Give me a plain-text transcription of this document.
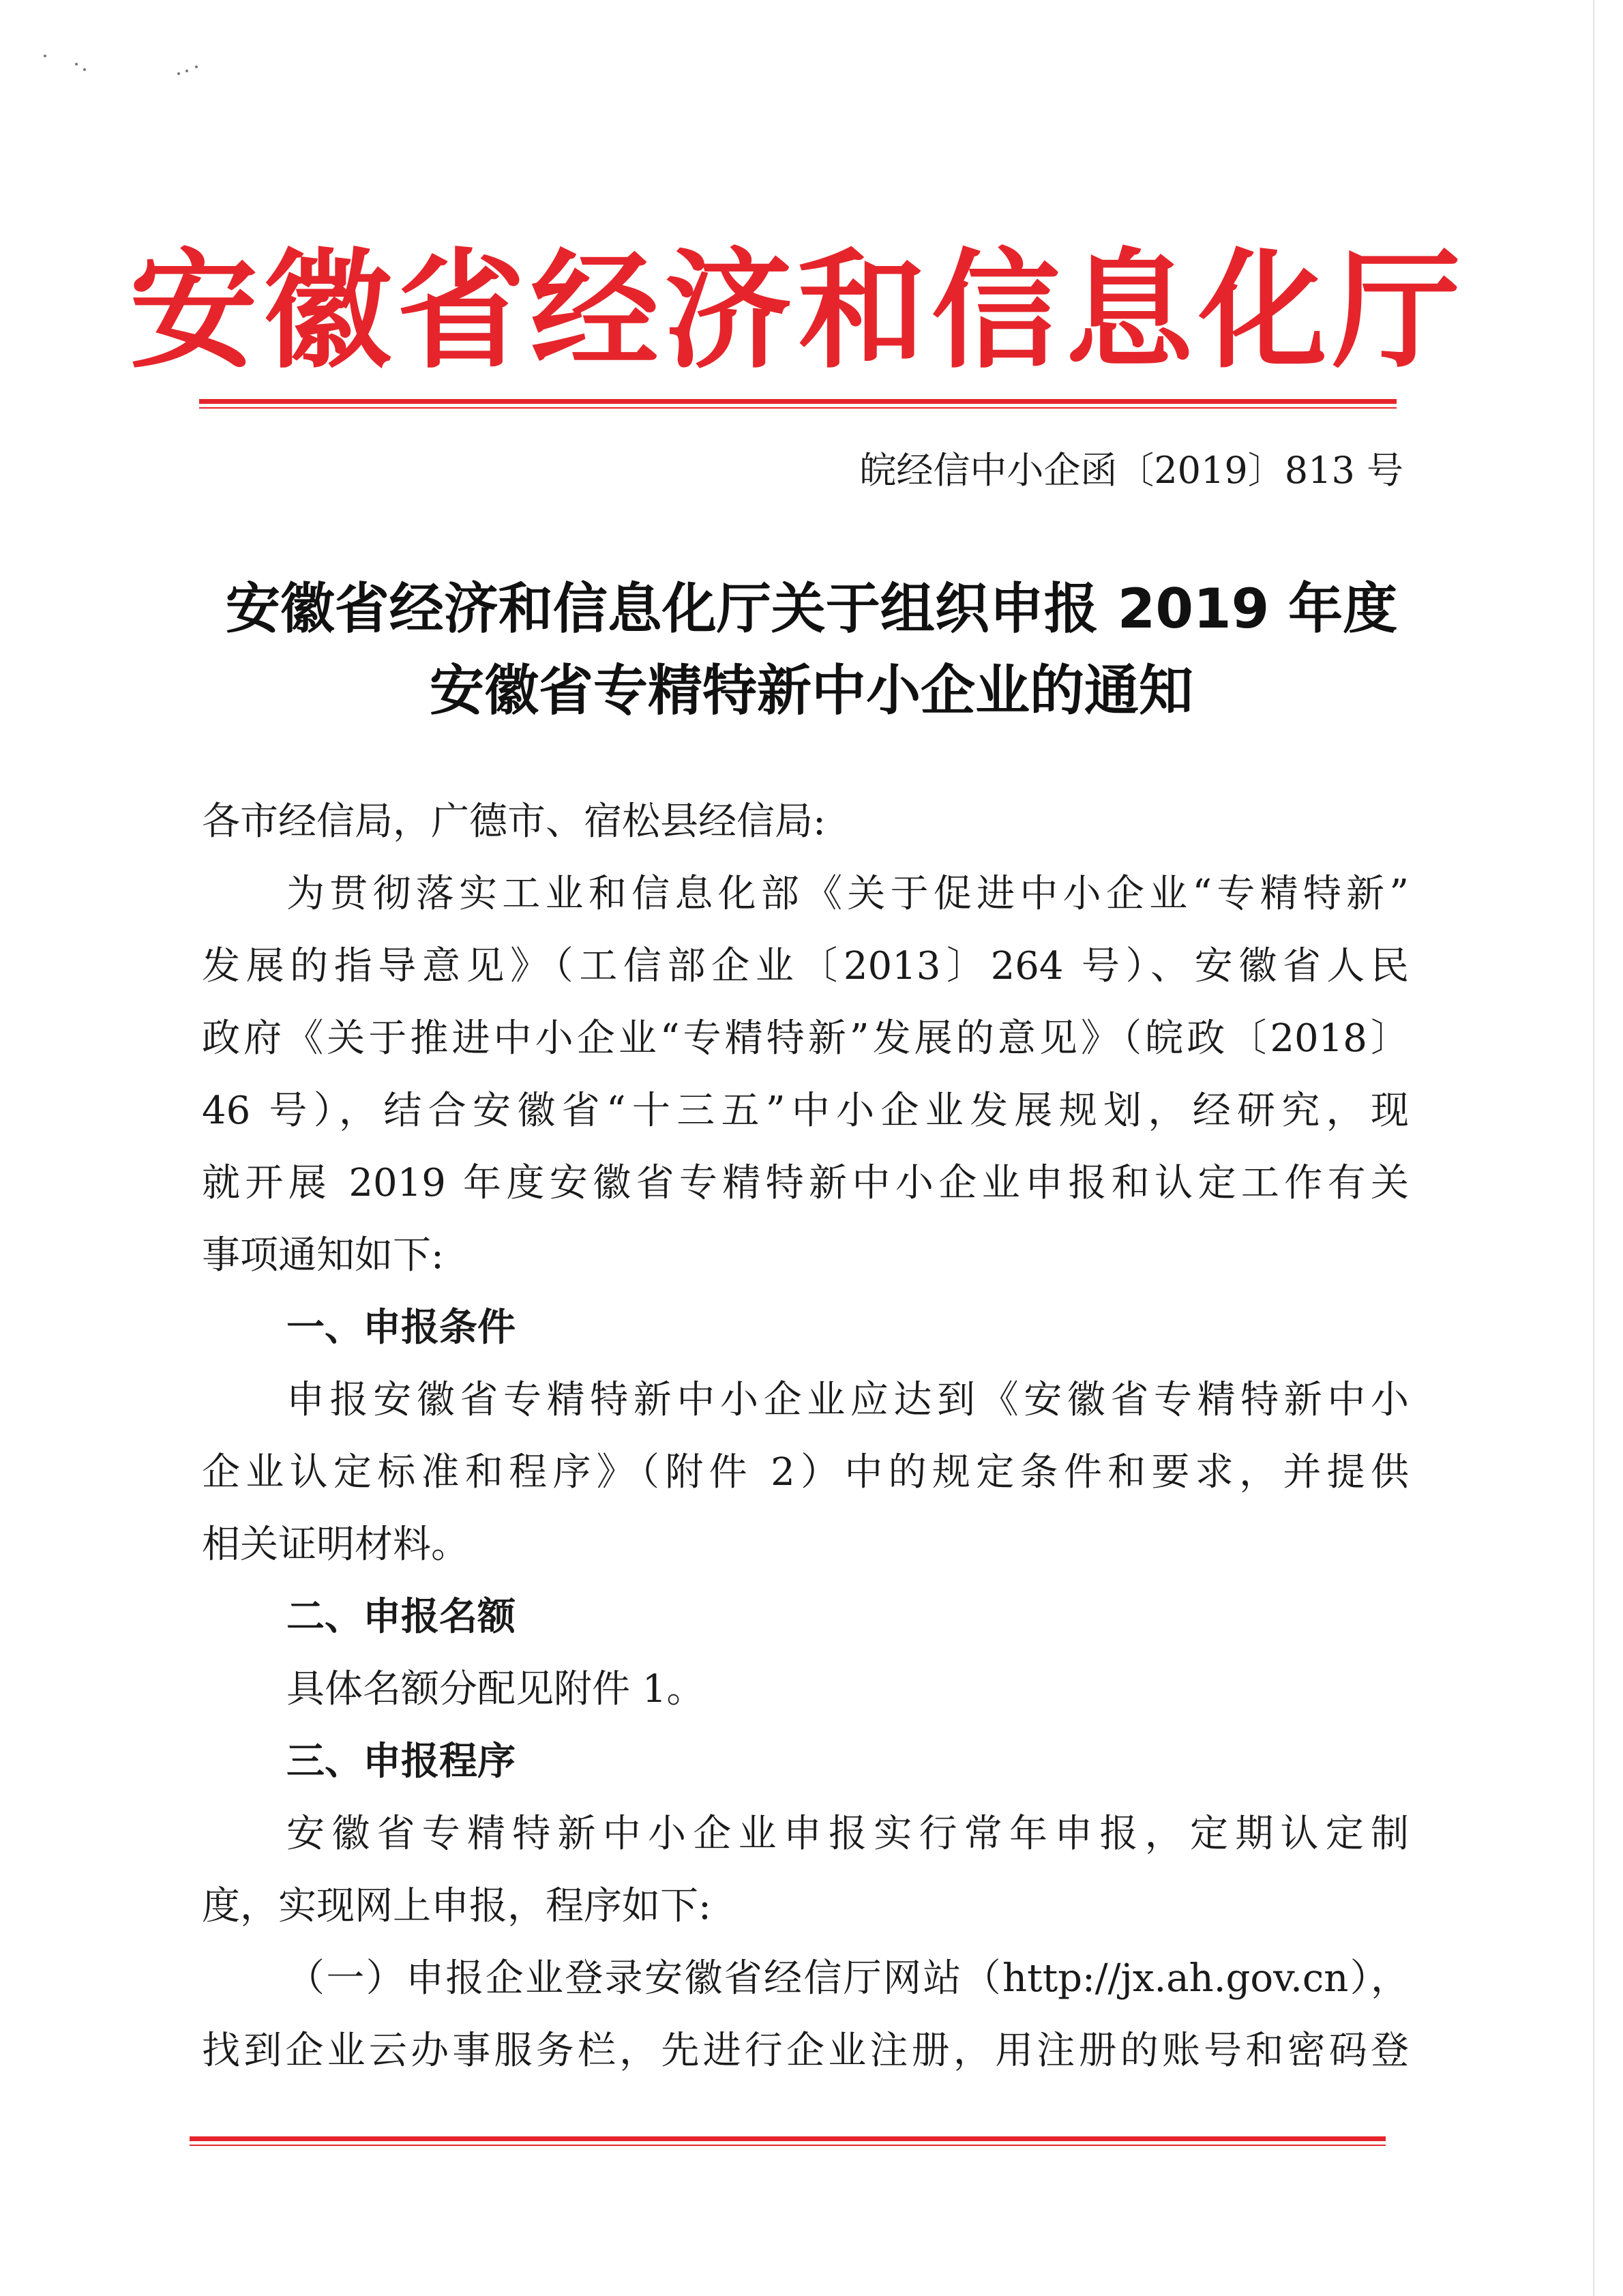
安徽省经济和信息化厅
皖经信中小企函〔2019〕813 号
安徽省经济和信息化厅关于组织申报 2019 年度
安徽省专精特新中小企业的通知
各市经信局，广德市、宿松县经信局:
为贯彻落实工业和信息化部《关于促进中小企业“专精特新”
发展的指导意见》（工信部企业〔2013〕264 号）、安徽省人民
政府《关于推进中小企业“专精特新”发展的意见》（皖政〔2018〕
46 号），结合安徽省“十三五”中小企业发展规划，经研究，现
就开展 2019 年度安徽省专精特新中小企业申报和认定工作有关
事项通知如下:
一、申报条件
申报安徽省专精特新中小企业应达到《安徽省专精特新中小
企业认定标准和程序》（附件 2）中的规定条件和要求，并提供
相关证明材料。
二、申报名额
具体名额分配见附件 1。
三、申报程序
安徽省专精特新中小企业申报实行常年申报，定期认定制
度，实现网上申报，程序如下:
（一）申报企业登录安徽省经信厅网站（http://jx.ah.gov.cn），
找到企业云办事服务栏，先进行企业注册，用注册的账号和密码登
